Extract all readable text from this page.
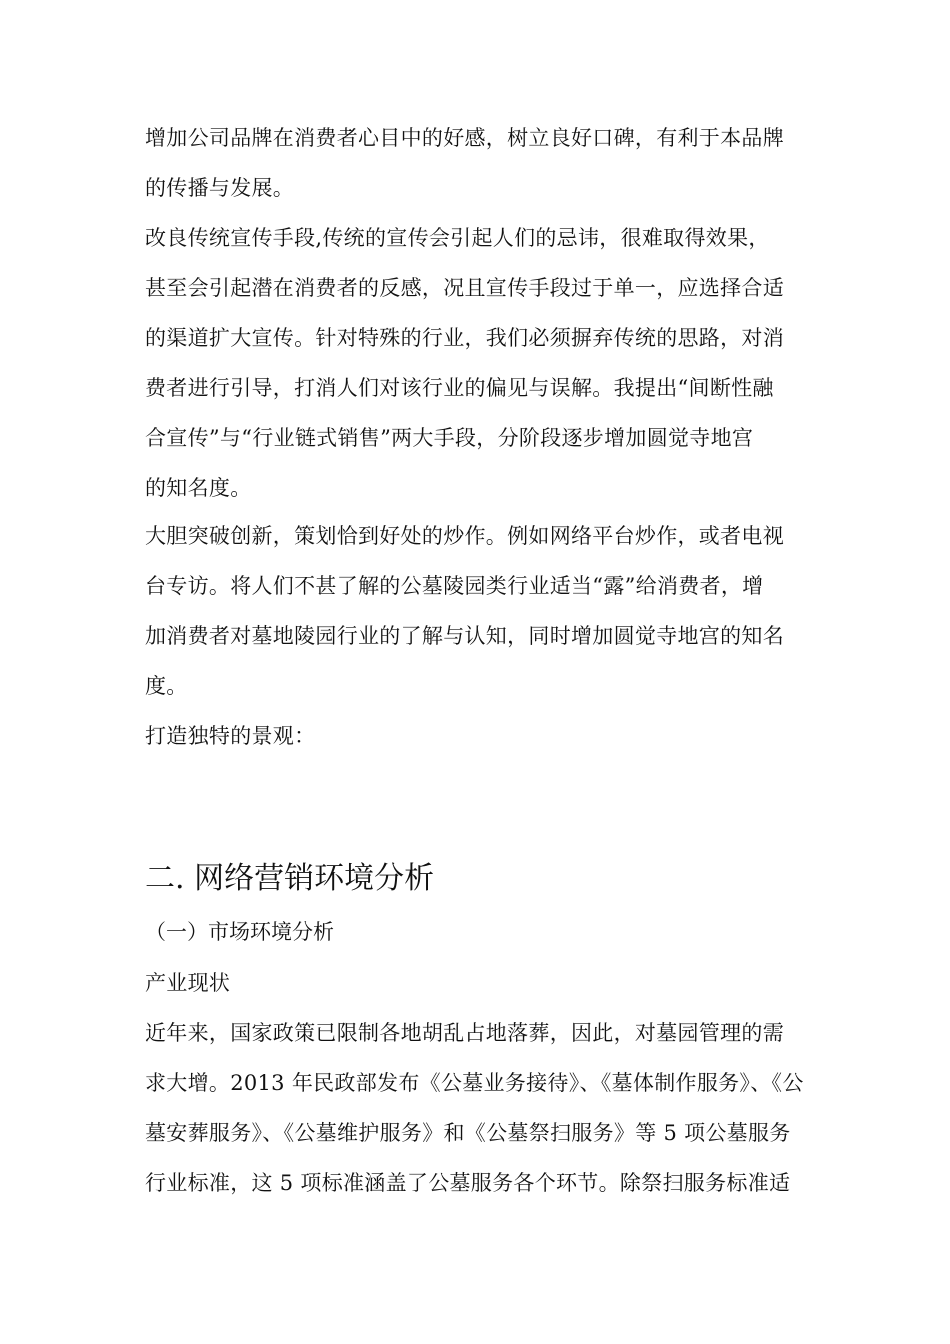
增加公司品牌在消费者心目中的好感，树立良好口碑，有利于本品牌
的传播与发展。
改良传统宣传手段,传统的宣传会引起人们的忌讳，很难取得效果，
甚至会引起潜在消费者的反感，况且宣传手段过于单一，应选择合适
的渠道扩大宣传。针对特殊的行业，我们必须摒弃传统的思路，对消
费者进行引导，打消人们对该行业的偏见与误解。我提出“间断性融
合宣传”与“行业链式销售”两大手段，分阶段逐步增加圆觉寺地宫
的知名度。
大胆突破创新，策划恰到好处的炒作。例如网络平台炒作，或者电视
台专访。将人们不甚了解的公墓陵园类行业适当“露”给消费者，增
加消费者对墓地陵园行业的了解与认知，同时增加圆觉寺地宫的知名
度。
打造独特的景观：
二. 网络营销环境分析
（一）市场环境分析
产业现状
近年来，国家政策已限制各地胡乱占地落葬，因此，对墓园管理的需
求大增。2013 年民政部发布《公墓业务接待》、《墓体制作服务》、《公
墓安葬服务》、《公墓维护服务》和《公墓祭扫服务》等 5 项公墓服务
行业标准，这 5 项标准涵盖了公墓服务各个环节。除祭扫服务标准适
